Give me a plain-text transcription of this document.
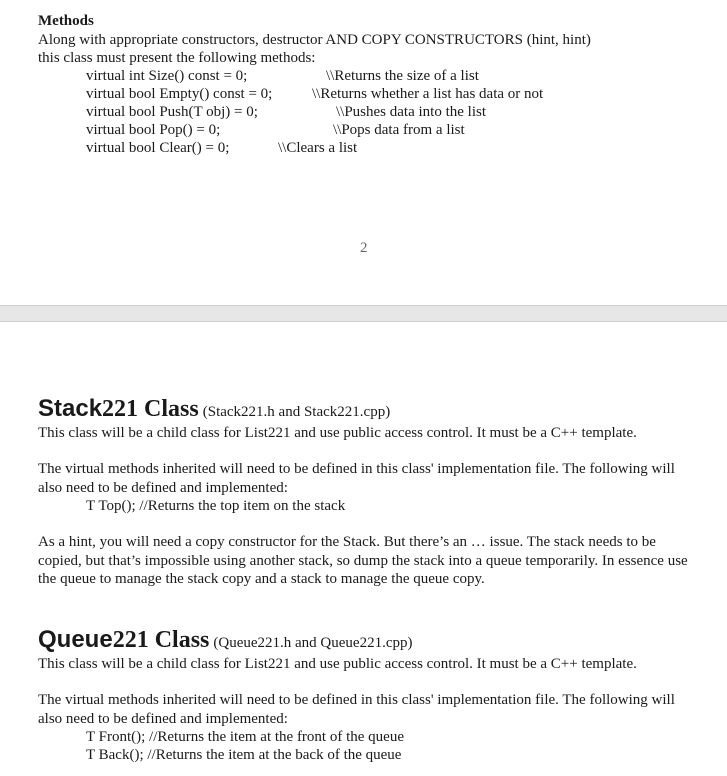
Methods
Along with appropriate constructors, destructor AND COPY CONSTRUCTORS (hint, hint)
this class must present the following methods:
virtual int Size() const = 0;	\\Returns the size of a list
virtual bool Empty() const = 0;	\\Returns whether a list has data or not
virtual bool Push(T obj) = 0;	\\Pushes data into the list
virtual bool Pop() = 0;	\\Pops data from a list
virtual bool Clear() = 0;	\\Clears a list
2
Stack221 Class (Stack221.h and Stack221.cpp)
This class will be a child class for List221 and use public access control. It must be a C++ template.
The virtual methods inherited will need to be defined in this class' implementation file. The following will also need to be defined and implemented:
T Top(); //Returns the top item on the stack
As a hint, you will need a copy constructor for the Stack. But there’s an … issue. The stack needs to be copied, but that’s impossible using another stack, so dump the stack into a queue temporarily. In essence use the queue to manage the stack copy and a stack to manage the queue copy.
Queue221 Class (Queue221.h and Queue221.cpp)
This class will be a child class for List221 and use public access control. It must be a C++ template.
The virtual methods inherited will need to be defined in this class' implementation file. The following will also need to be defined and implemented:
T Front(); //Returns the item at the front of the queue
T Back(); //Returns the item at the back of the queue
